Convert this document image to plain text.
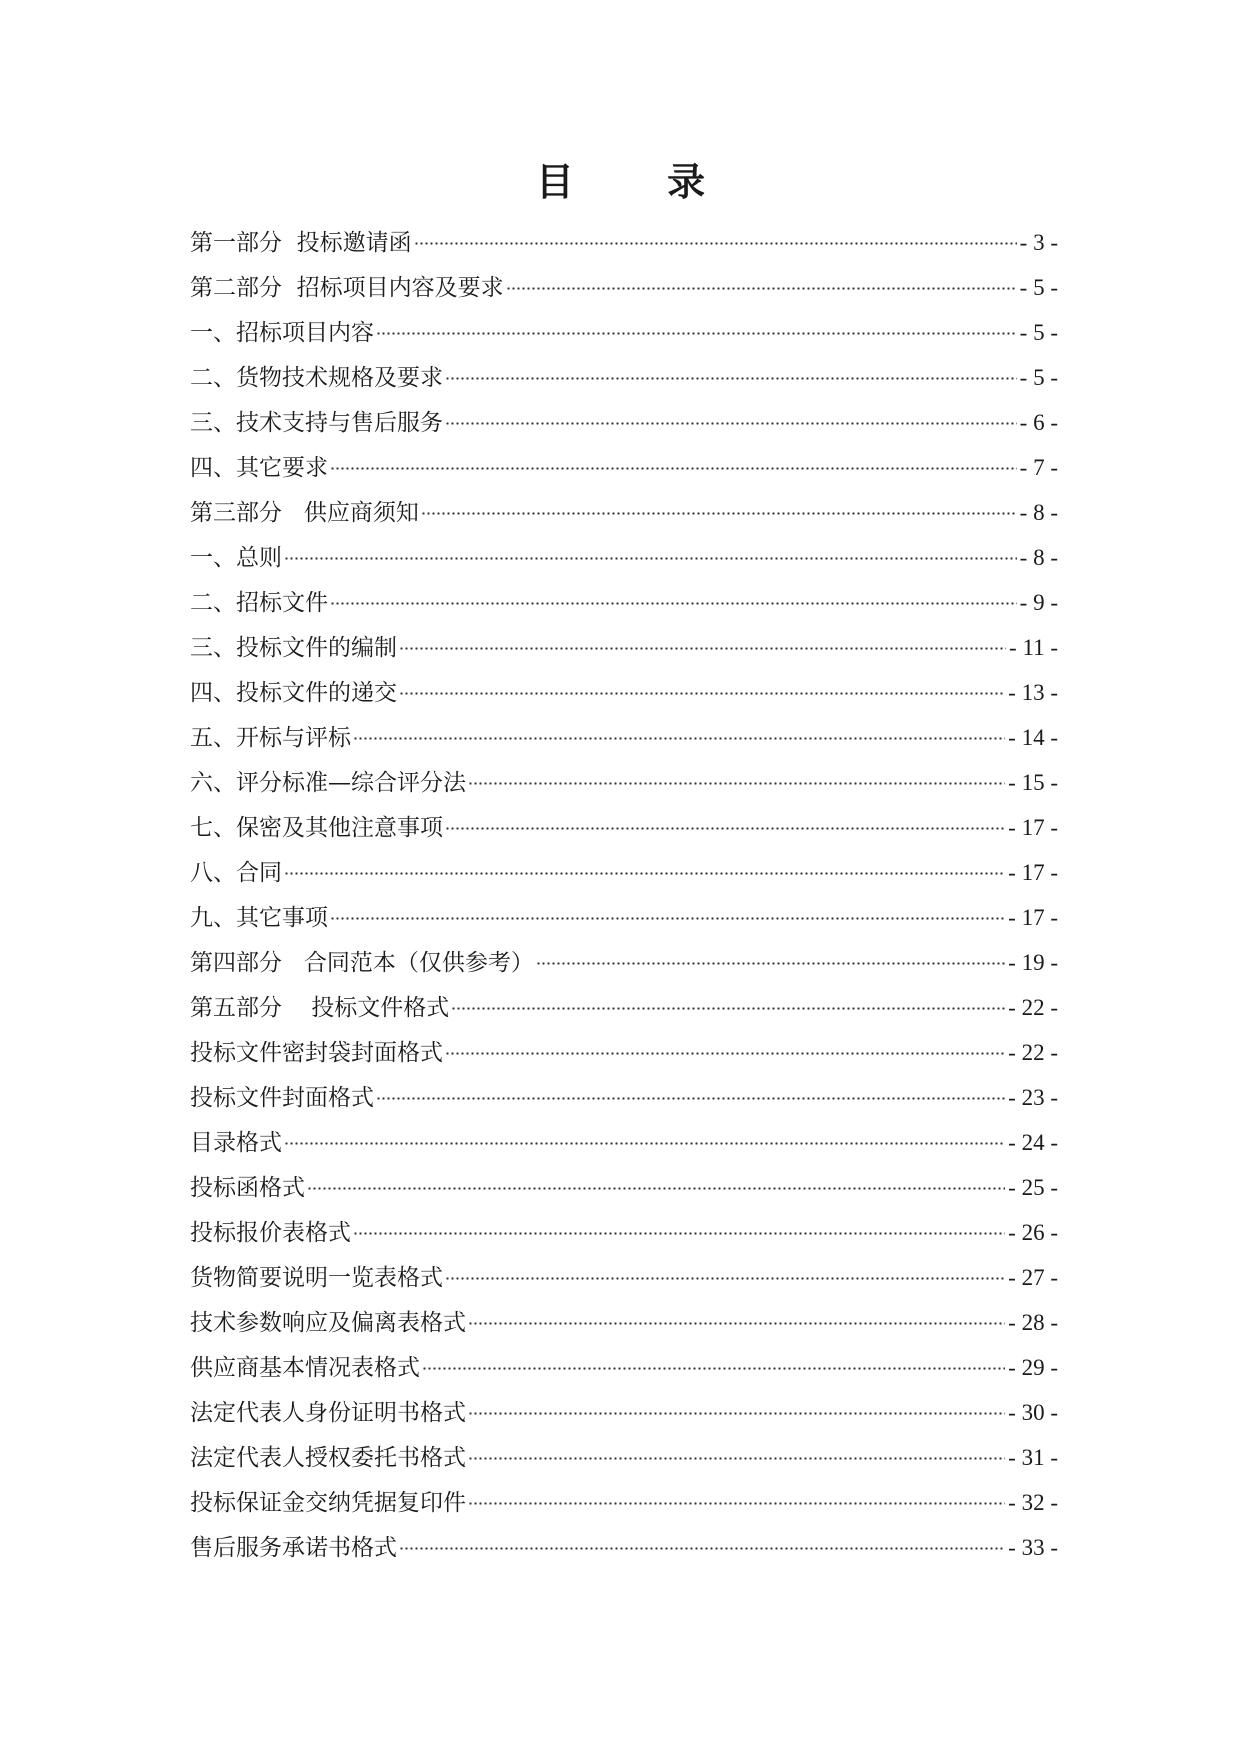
目 录
第一部分  投标邀请函	- 3 -
第二部分  招标项目内容及要求	- 5 -
一、招标项目内容	- 5 -
二、货物技术规格及要求	- 5 -
三、技术支持与售后服务	- 6 -
四、其它要求	- 7 -
第三部分   供应商须知	- 8 -
一、总则	- 8 -
二、招标文件	- 9 -
三、投标文件的编制	- 11 -
四、投标文件的递交	- 13 -
五、开标与评标	- 14 -
六、评分标准—综合评分法	- 15 -
七、保密及其他注意事项	- 17 -
八、合同	- 17 -
九、其它事项	- 17 -
第四部分   合同范本（仅供参考）	- 19 -
第五部分    投标文件格式	- 22 -
投标文件密封袋封面格式	- 22 -
投标文件封面格式	- 23 -
目录格式	- 24 -
投标函格式	- 25 -
投标报价表格式	- 26 -
货物简要说明一览表格式	- 27 -
技术参数响应及偏离表格式	- 28 -
供应商基本情况表格式	- 29 -
法定代表人身份证明书格式	- 30 -
法定代表人授权委托书格式	- 31 -
投标保证金交纳凭据复印件	- 32 -
售后服务承诺书格式	- 33 -
